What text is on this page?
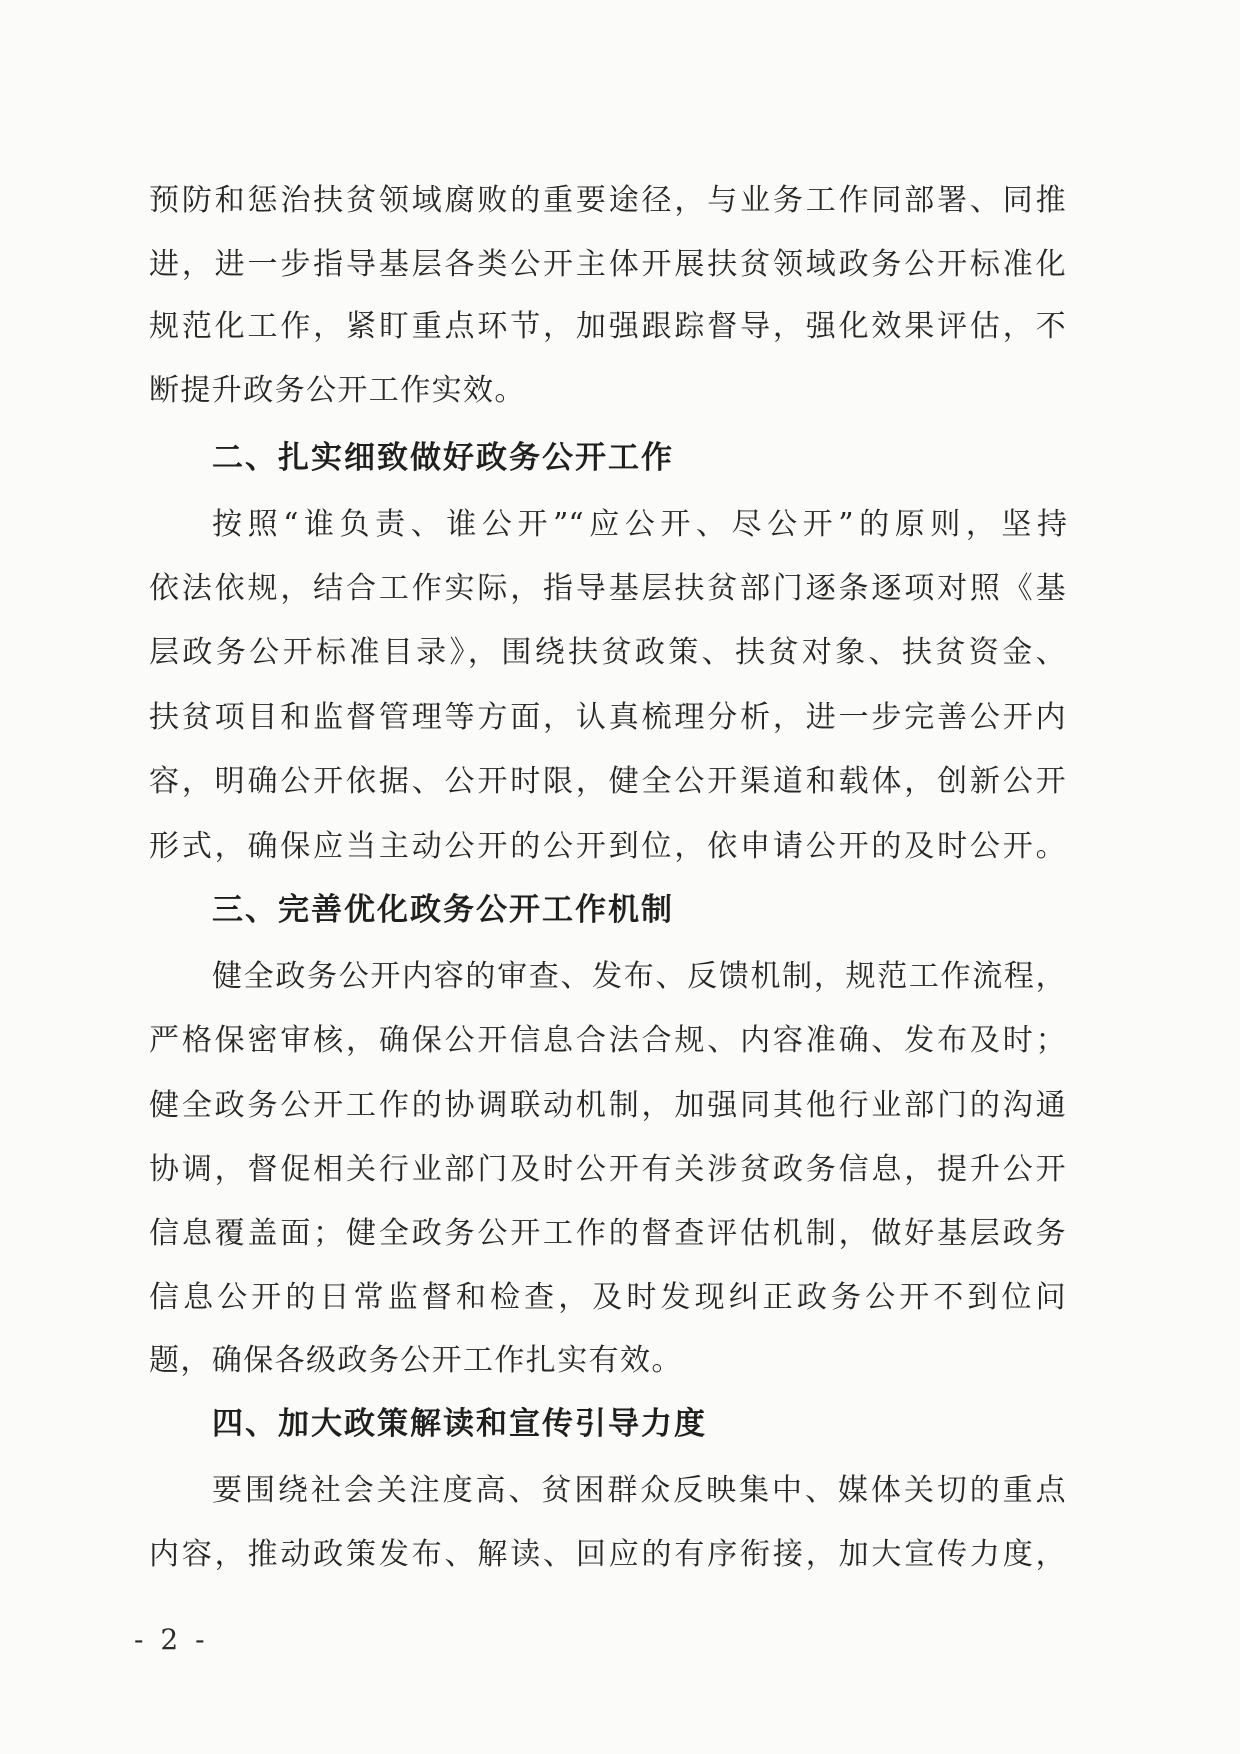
预防和惩治扶贫领域腐败的重要途径，与业务工作同部署、同推
进，进一步指导基层各类公开主体开展扶贫领域政务公开标准化
规范化工作，紧盯重点环节，加强跟踪督导，强化效果评估，不
断提升政务公开工作实效。
二、扎实细致做好政务公开工作
按照“谁负责、谁公开”“应公开、尽公开”的原则，坚持
依法依规，结合工作实际，指导基层扶贫部门逐条逐项对照《基
层政务公开标准目录》，围绕扶贫政策、扶贫对象、扶贫资金、
扶贫项目和监督管理等方面，认真梳理分析，进一步完善公开内
容，明确公开依据、公开时限，健全公开渠道和载体，创新公开
形式，确保应当主动公开的公开到位，依申请公开的及时公开。
三、完善优化政务公开工作机制
健全政务公开内容的审查、发布、反馈机制，规范工作流程，
严格保密审核，确保公开信息合法合规、内容准确、发布及时；
健全政务公开工作的协调联动机制，加强同其他行业部门的沟通
协调，督促相关行业部门及时公开有关涉贫政务信息，提升公开
信息覆盖面；健全政务公开工作的督查评估机制，做好基层政务
信息公开的日常监督和检查，及时发现纠正政务公开不到位问
题，确保各级政务公开工作扎实有效。
四、加大政策解读和宣传引导力度
要围绕社会关注度高、贫困群众反映集中、媒体关切的重点
内容，推动政策发布、解读、回应的有序衔接，加大宣传力度，
- 2 -
